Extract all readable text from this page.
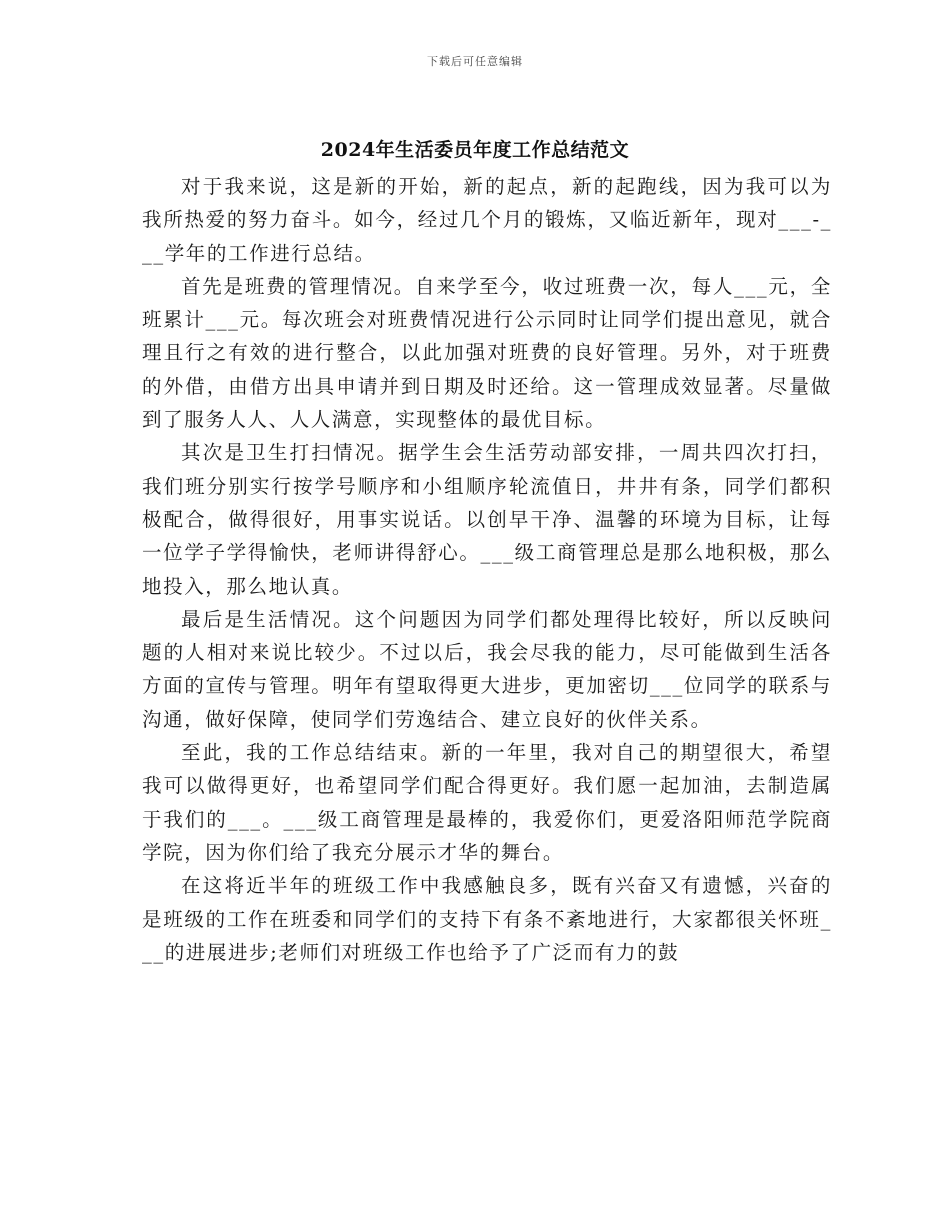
下载后可任意编辑
2024年生活委员年度工作总结范文

对于我来说，这是新的开始，新的起点，新的起跑线，因为我可以为我所热爱的努力奋斗。如今，经过几个月的锻炼，又临近新年，现对___-___学年的工作进行总结。

首先是班费的管理情况。自来学至今，收过班费一次，每人___元，全班累计___元。每次班会对班费情况进行公示同时让同学们提出意见，就合理且行之有效的进行整合，以此加强对班费的良好管理。另外，对于班费的外借，由借方出具申请并到日期及时还给。这一管理成效显著。尽量做到了服务人人、人人满意，实现整体的最优目标。

其次是卫生打扫情况。据学生会生活劳动部安排，一周共四次打扫，我们班分别实行按学号顺序和小组顺序轮流值日，井井有条，同学们都积极配合，做得很好，用事实说话。以创早干净、温馨的环境为目标，让每一位学子学得愉快，老师讲得舒心。___级工商管理总是那么地积极，那么地投入，那么地认真。

最后是生活情况。这个问题因为同学们都处理得比较好，所以反映问题的人相对来说比较少。不过以后，我会尽我的能力，尽可能做到生活各方面的宣传与管理。明年有望取得更大进步，更加密切___位同学的联系与沟通，做好保障，使同学们劳逸结合、建立良好的伙伴关系。

至此，我的工作总结结束。新的一年里，我对自己的期望很大，希望我可以做得更好，也希望同学们配合得更好。我们愿一起加油，去制造属于我们的___。___级工商管理是最棒的，我爱你们，更爱洛阳师范学院商学院，因为你们给了我充分展示才华的舞台。

在这将近半年的班级工作中我感触良多，既有兴奋又有遗憾，兴奋的是班级的工作在班委和同学们的支持下有条不紊地进行，大家都很关怀班___的进展进步;老师们对班级工作也给予了广泛而有力的鼓
